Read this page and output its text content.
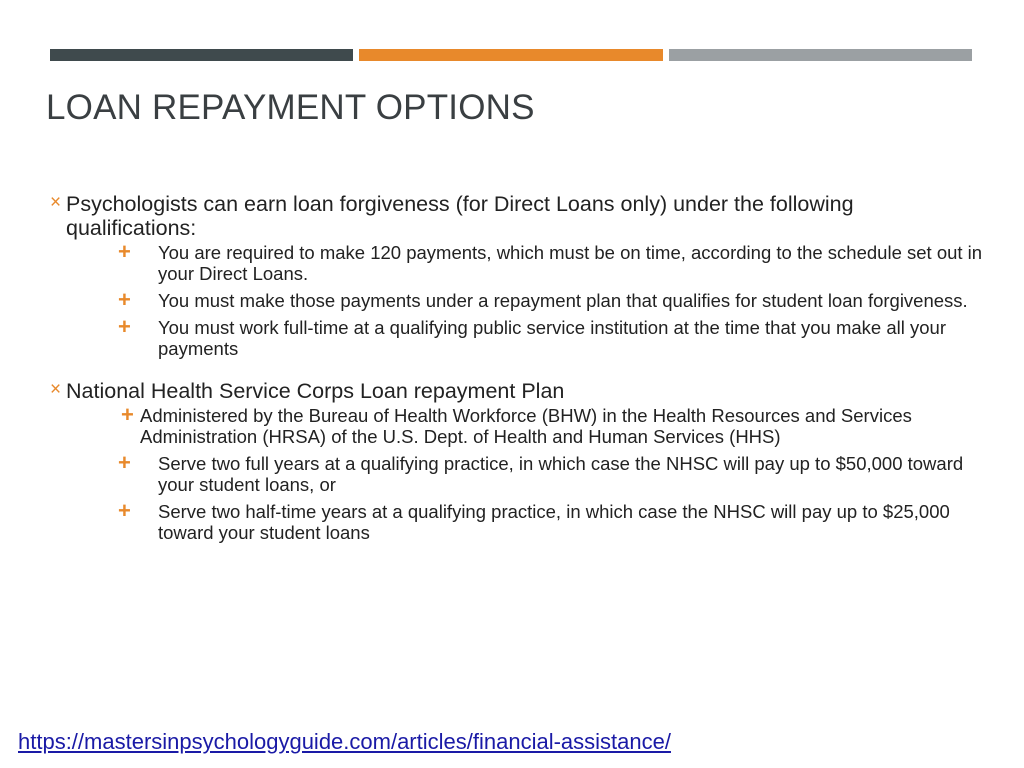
LOAN REPAYMENT OPTIONS
× Psychologists can earn loan forgiveness (for Direct Loans only) under the following qualifications:
+ You are required to make 120 payments, which must be on time, according to the schedule set out in your Direct Loans.
+ You must make those payments under a repayment plan that qualifies for student loan forgiveness.
+ You must work full-time at a qualifying public service institution at the time that you make all your payments
× National Health Service Corps Loan repayment Plan
+ Administered by the Bureau of Health Workforce (BHW) in the Health Resources and Services Administration (HRSA) of the U.S. Dept. of Health and Human Services (HHS)
+ Serve two full years at a qualifying practice, in which case the NHSC will pay up to $50,000 toward your student loans, or
+ Serve two half-time years at a qualifying practice, in which case the NHSC will pay up to $25,000 toward your student loans
https://mastersinpsychologyguide.com/articles/financial-assistance/
